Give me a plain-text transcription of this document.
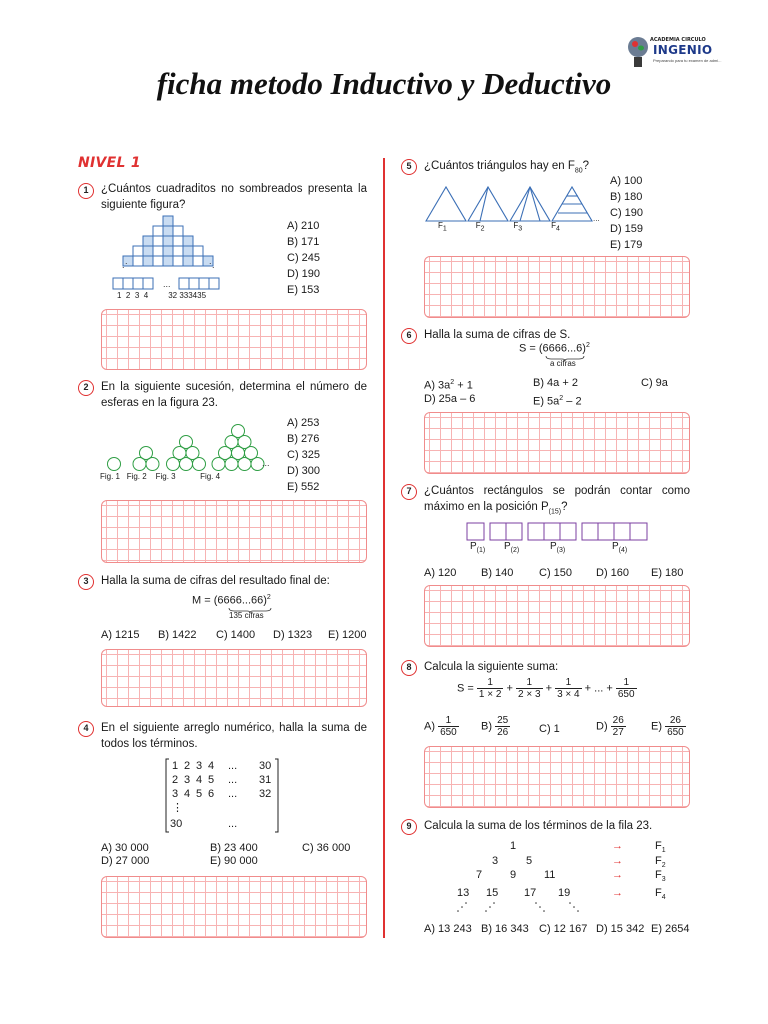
ACADEMIA CIRCULO
INGENIO
Preparando para tu examen de admi...
ficha metodo Inductivo y Deductivo
NIVEL 1
1	¿Cuántos cuadraditos no sombreados presenta la siguiente figura?
. .	. .
...
1 2 3 4	32 333435
A) 210
B) 171
C) 245
D) 190
E) 153
2	En la siguiente sucesión, determina el número de esferas en la figura 23.
...
Fig. 1 Fig. 2 Fig. 3	Fig. 4
A) 253
B) 276
C) 325
D) 300
E) 552
3	Halla la suma de cifras del resultado final de:
$M = (6666...66)^2$
135 cifras
A) 1215 B) 1422 C) 1400 D) 1323 E) 1200
4	En el siguiente arreglo numérico, halla la suma de todos los términos.
1 2 3 4 ... 30
2 3 4 5 ... 31
3 4 5 6 ... 32
⋮
30	...
A) 30 000	B) 23 400	C) 36 000
D) 27 000	E) 90 000
5	¿Cuántos triángulos hay en $F_{80}$?
...
F1	F2	F3	F4
A) 100
B) 180
C) 190
D) 159
E) 179
6	Halla la suma de cifras de S.
$S = (6666...6)^2$
a cifras
A) $3a^2 + 1$	B) 4a + 2	C) 9a
D) 25a – 6	E) $5a^2 - 2$
7	¿Cuántos rectángulos se podrán contar como máximo en la posición $P_{(15)}$?
$P_{(1)}$ $P_{(2)}$	$P_{(3)}$	$P_{(4)}$
A) 120 B) 140 C) 150 D) 160 E) 180
8	Calcula la siguiente suma:
$S = \frac{1}{1 \times 2} + \frac{1}{2 \times 3} + \frac{1}{3 \times 4}$ + ... + $\frac{1}{650}$
$A) \frac{1}{650} B) \frac{25}{26}$	C) 1	$D) \frac{26}{27} E) \frac{26}{650}$
9	Calcula la suma de los términos de la fila 23.
1
3	5
7	9	11
13 15 17 19
→
→
→
→
$F_1$
$F_2$
$F_3$
$F_4$
A) 13 243 B) 16 343 C) 12 167 D) 15 342 E) 2654
